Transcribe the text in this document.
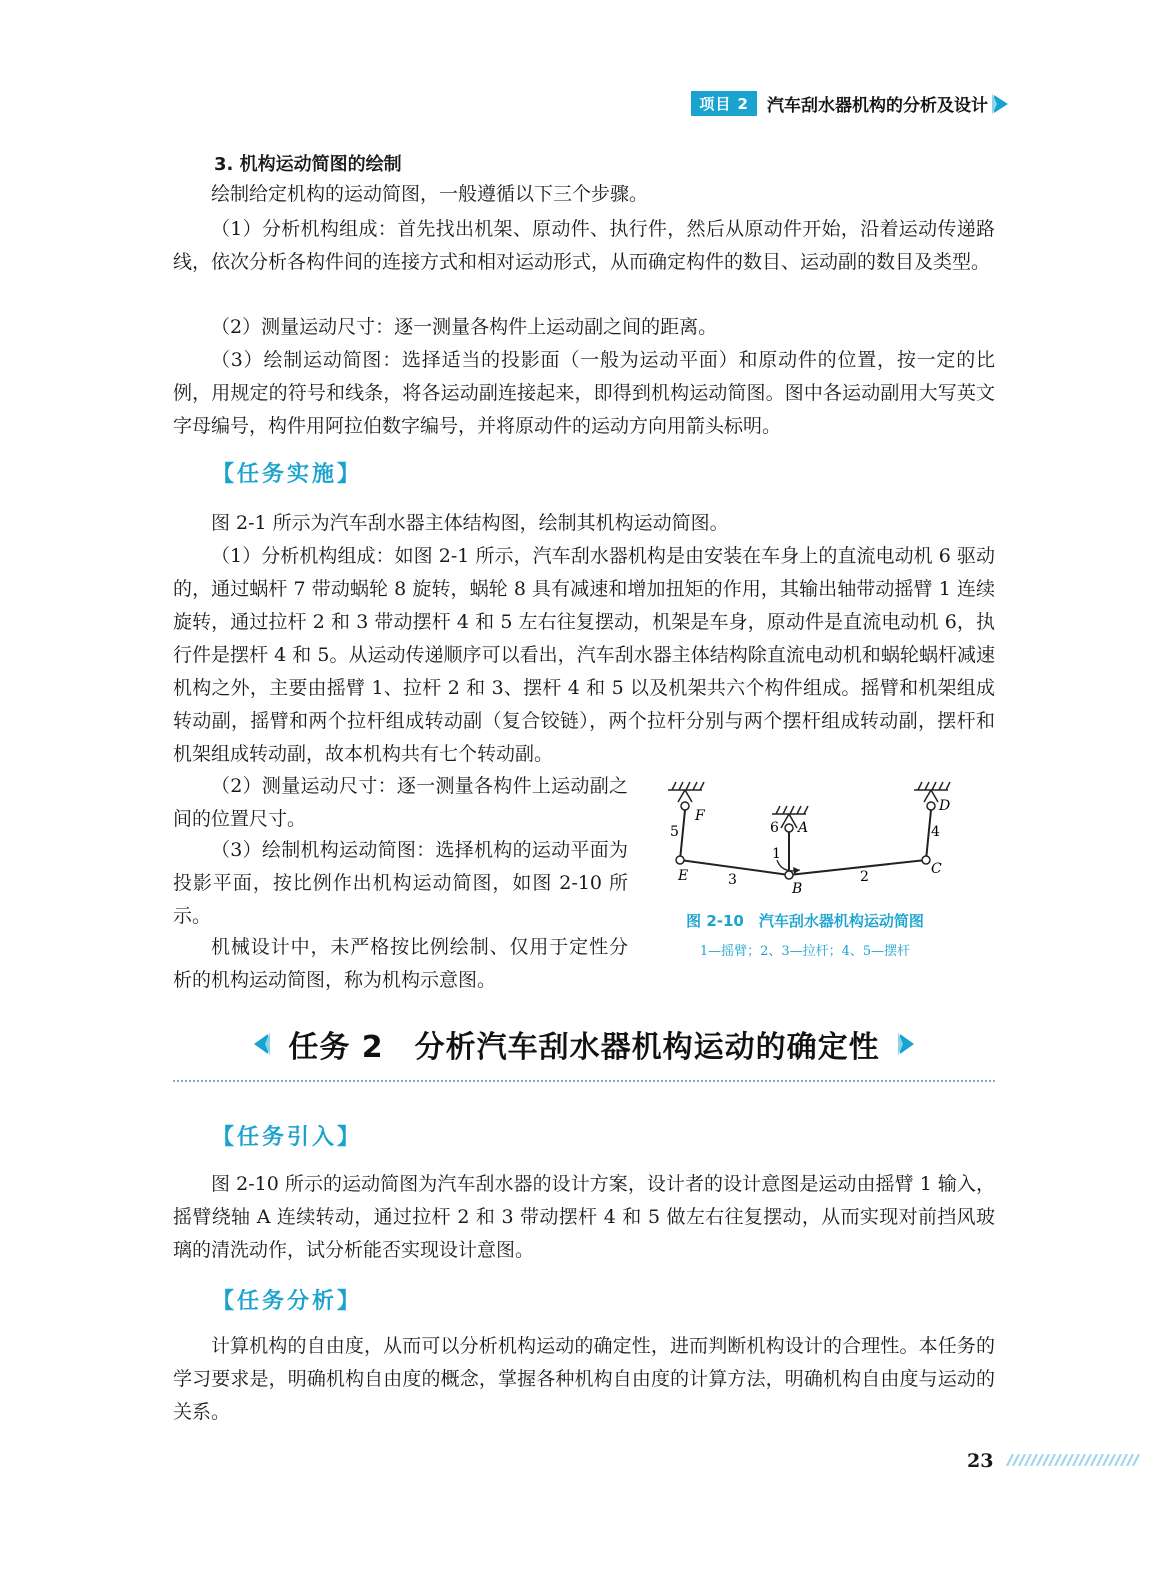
项目 2	汽车刮水器机构的分析及设计
3. 机构运动简图的绘制

绘制给定机构的运动简图，一般遵循以下三个步骤。

（1）分析机构组成：首先找出机架、原动件、执行件，然后从原动件开始，沿着运动传递路线，依次分析各构件间的连接方式和相对运动形式，从而确定构件的数目、运动副的数目及类型。

（2）测量运动尺寸：逐一测量各构件上运动副之间的距离。

（3）绘制运动简图：选择适当的投影面（一般为运动平面）和原动件的位置，按一定的比例，用规定的符号和线条，将各运动副连接起来，即得到机构运动简图。图中各运动副用大写英文字母编号，构件用阿拉伯数字编号，并将原动件的运动方向用箭头标明。

【任务实施】

图 2-1 所示为汽车刮水器主体结构图，绘制其机构运动简图。

（1）分析机构组成：如图 2-1 所示，汽车刮水器机构是由安装在车身上的直流电动机 6 驱动的，通过蜗杆 7 带动蜗轮 8 旋转，蜗轮 8 具有减速和增加扭矩的作用，其输出轴带动摇臂 1 连续旋转，通过拉杆 2 和 3 带动摆杆 4 和 5 左右往复摆动，机架是车身，原动件是直流电动机 6，执行件是摆杆 4 和 5。从运动传递顺序可以看出，汽车刮水器主体结构除直流电动机和蜗轮蜗杆减速机构之外，主要由摇臂 1、拉杆 2 和 3、摆杆 4 和 5 以及机架共六个构件组成。摇臂和机架组成转动副，摇臂和两个拉杆组成转动副（复合铰链），两个拉杆分别与两个摆杆组成转动副，摆杆和机架组成转动副，故本机构共有七个转动副。

（2）测量运动尺寸：逐一测量各构件上运动副之间的位置尺寸。

（3）绘制机构运动简图：选择机构的运动平面为投影平面，按比例作出机构运动简图，如图 2-10 所示。

机械设计中，未严格按比例绘制、仅用于定性分析的机构运动简图，称为机构示意图。

F
A
D
E
B
C
1
2
3
4
5	6
图 2-10　汽车刮水器机构运动简图
1—摇臂；2、3—拉杆；4、5—摆杆
任务 2　分析汽车刮水器机构运动的确定性
【任务引入】

图 2-10 所示的运动简图为汽车刮水器的设计方案，设计者的设计意图是运动由摇臂 1 输入，摇臂绕轴 A 连续转动，通过拉杆 2 和 3 带动摆杆 4 和 5 做左右往复摆动，从而实现对前挡风玻璃的清洗动作，试分析能否实现设计意图。

【任务分析】

计算机构的自由度，从而可以分析机构运动的确定性，进而判断机构设计的合理性。本任务的学习要求是，明确机构自由度的概念，掌握各种机构自由度的计算方法，明确机构自由度与运动的关系。

23
